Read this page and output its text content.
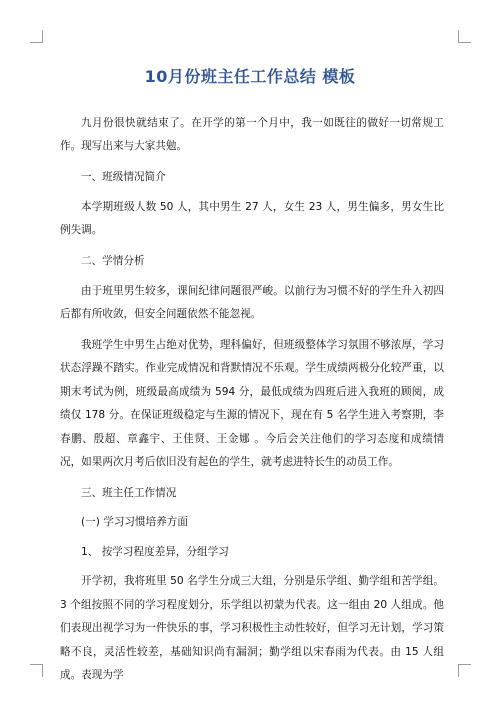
10月份班主任工作总结 模板

九月份很快就结束了。在开学的第一个月中，我一如既往的做好一切常规工作。现写出来与大家共勉。

一、班级情况简介

本学期班级人数 50 人，其中男生 27 人，女生 23 人，男生偏多，男女生比例失调。

二、学情分析

由于班里男生较多，课间纪律问题很严峻。以前行为习惯不好的学生升入初四后都有所收敛，但安全问题依然不能忽视。

我班学生中男生占绝对优势，理科偏好，但班级整体学习氛围不够浓厚，学习状态浮躁不踏实。作业完成情况和背默情况不乐观。学生成绩两极分化较严重，以期末考试为例，班级最高成绩为 594 分，最低成绩为四班后进入我班的顾阅，成绩仅 178 分。在保证班级稳定与生源的情况下，现在有 5 名学生进入考察期，李春鹏、殷超、章鑫宇、王佳贤、王金娜 。今后会关注他们的学习态度和成绩情况，如果两次月考后依旧没有起色的学生，就考虑进特长生的动员工作。

三、班主任工作情况

(一) 学习习惯培养方面

1、 按学习程度差异，分组学习

开学初，我将班里 50 名学生分成三大组，分别是乐学组、勤学组和苦学组。3 个组按照不同的学习程度划分，乐学组以初蒙为代表。这一组由 20 人组成。他们表现出视学习为一件快乐的事，学习积极性主动性较好，但学习无计划，学习策略不良，灵活性较差，基础知识尚有漏洞；勤学组以宋春雨为代表。由 15 人组成。表现为学
